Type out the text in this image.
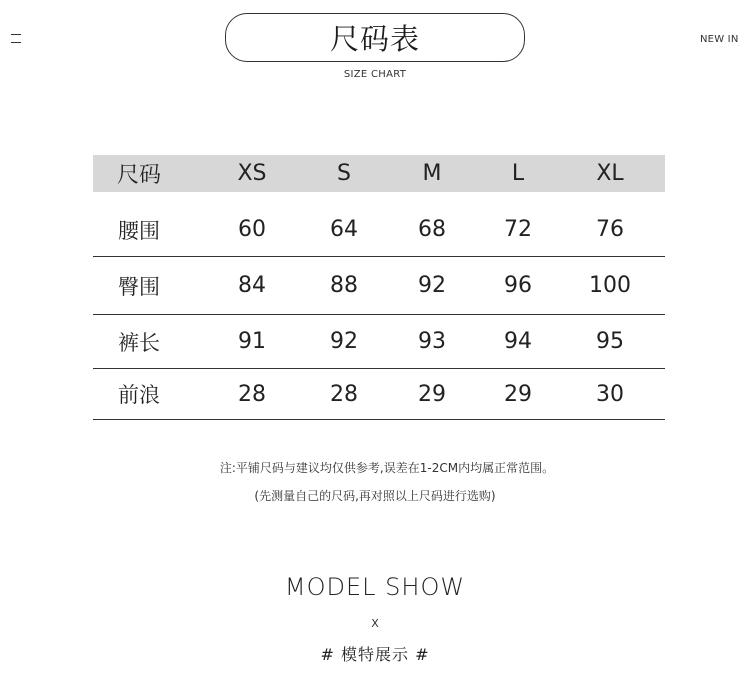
尺码表
SIZE CHART
NEW IN
尺码	XS	S	M	L	XL
腰围	60	64	68	72	76
臀围	84	88	92	96	100
裤长	91	92	93	94	95
前浪	28	28	29	29	30
注:平铺尺码与建议均仅供参考,误差在1-2CM内均属正常范围。
(先测量自己的尺码,再对照以上尺码进行选购)
MODEL SHOW
X
# 模特展示 #
